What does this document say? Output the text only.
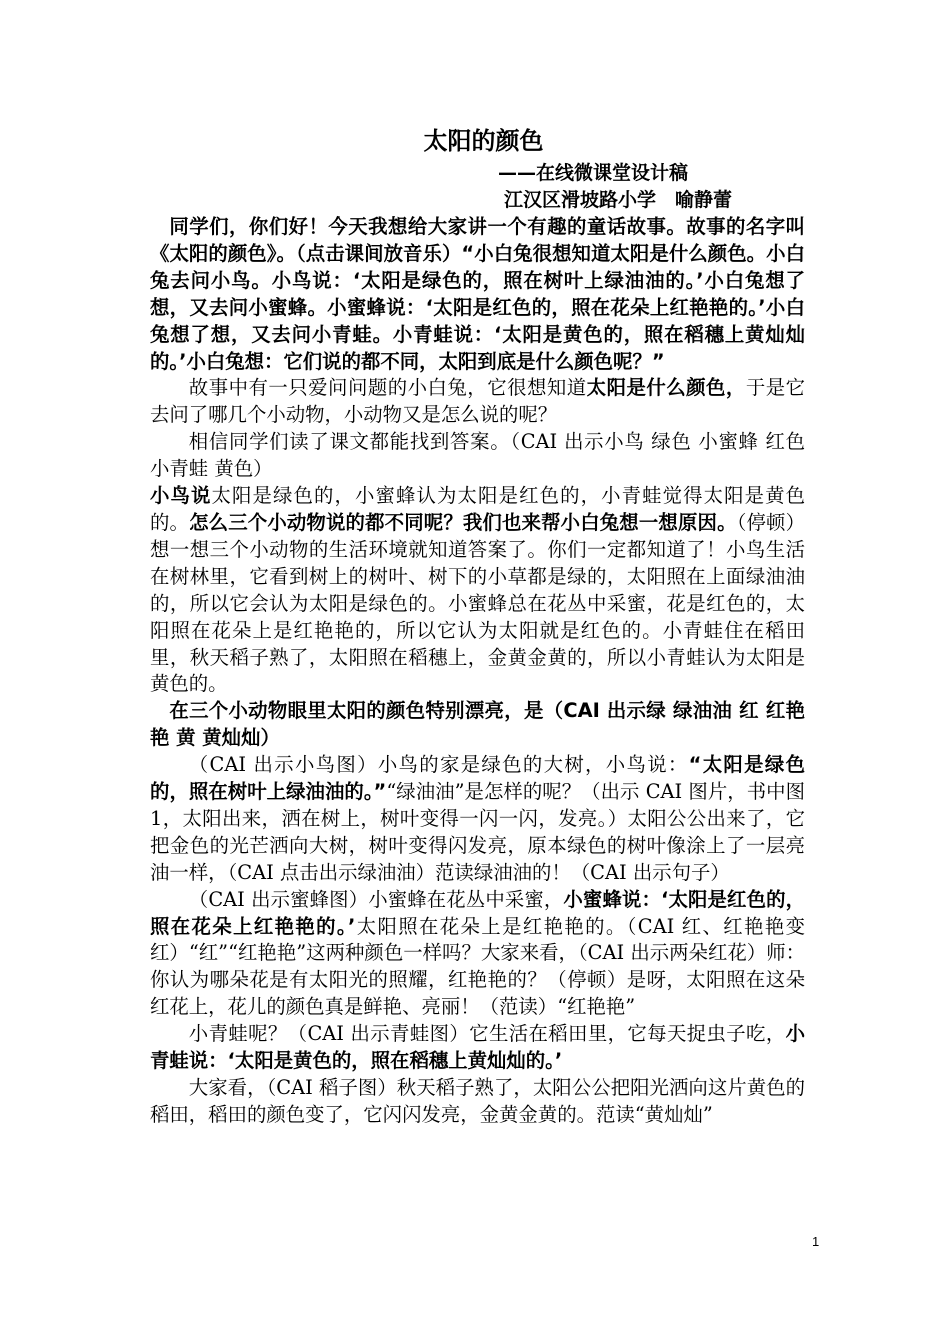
太阳的颜色
——在线微课堂设计稿
江汉区滑坡路小学　喻静蕾

同学们，你们好！今天我想给大家讲一个有趣的童话故事。故事的名字叫《太阳的颜色》。（点击课间放音乐）“小白兔很想知道太阳是什么颜色。小白兔去问小鸟。小鸟说：‘太阳是绿色的，照在树叶上绿油油的。’小白兔想了想，又去问小蜜蜂。小蜜蜂说：‘太阳是红色的，照在花朵上红艳艳的。’小白兔想了想，又去问小青蛙。小青蛙说：‘太阳是黄色的，照在稻穗上黄灿灿的。’小白兔想：它们说的都不同，太阳到底是什么颜色呢？”

故事中有一只爱问问题的小白兔，它很想知道太阳是什么颜色，于是它去问了哪几个小动物，小动物又是怎么说的呢？

相信同学们读了课文都能找到答案。（CAI 出示小鸟 绿色 小蜜蜂 红色 小青蛙 黄色）

小鸟说太阳是绿色的，小蜜蜂认为太阳是红色的，小青蛙觉得太阳是黄色的。怎么三个小动物说的都不同呢？我们也来帮小白兔想一想原因。（停顿）想一想三个小动物的生活环境就知道答案了。你们一定都知道了！小鸟生活在树林里，它看到树上的树叶、树下的小草都是绿的，太阳照在上面绿油油的，所以它会认为太阳是绿色的。小蜜蜂总在花丛中采蜜，花是红色的，太阳照在花朵上是红艳艳的，所以它认为太阳就是红色的。小青蛙住在稻田里，秋天稻子熟了，太阳照在稻穗上，金黄金黄的，所以小青蛙认为太阳是黄色的。

在三个小动物眼里太阳的颜色特别漂亮，是（CAI 出示绿 绿油油 红 红艳艳 黄 黄灿灿）

（CAI 出示小鸟图）小鸟的家是绿色的大树，小鸟说：“太阳是绿色的，照在树叶上绿油油的。”“绿油油”是怎样的呢？（出示 CAI 图片，书中图 1，太阳出来，洒在树上，树叶变得一闪一闪，发亮。）太阳公公出来了，它把金色的光芒洒向大树，树叶变得闪发亮，原本绿色的树叶像涂上了一层亮油一样，（CAI 点击出示绿油油）范读绿油油的！（CAI 出示句子）

（CAI 出示蜜蜂图）小蜜蜂在花丛中采蜜，小蜜蜂说：‘太阳是红色的，照在花朵上红艳艳的。’太阳照在花朵上是红艳艳的。（CAI 红、红艳艳变红）“红”“红艳艳”这两种颜色一样吗？大家来看，（CAI 出示两朵红花）师：你认为哪朵花是有太阳光的照耀，红艳艳的？（停顿）是呀，太阳照在这朵红花上，花儿的颜色真是鲜艳、亮丽！（范读）“红艳艳”

小青蛙呢？（CAI 出示青蛙图）它生活在稻田里，它每天捉虫子吃，小青蛙说：‘太阳是黄色的，照在稻穗上黄灿灿的。’

大家看，（CAI 稻子图）秋天稻子熟了，太阳公公把阳光洒向这片黄色的稻田，稻田的颜色变了，它闪闪发亮，金黄金黄的。范读“黄灿灿”

1
